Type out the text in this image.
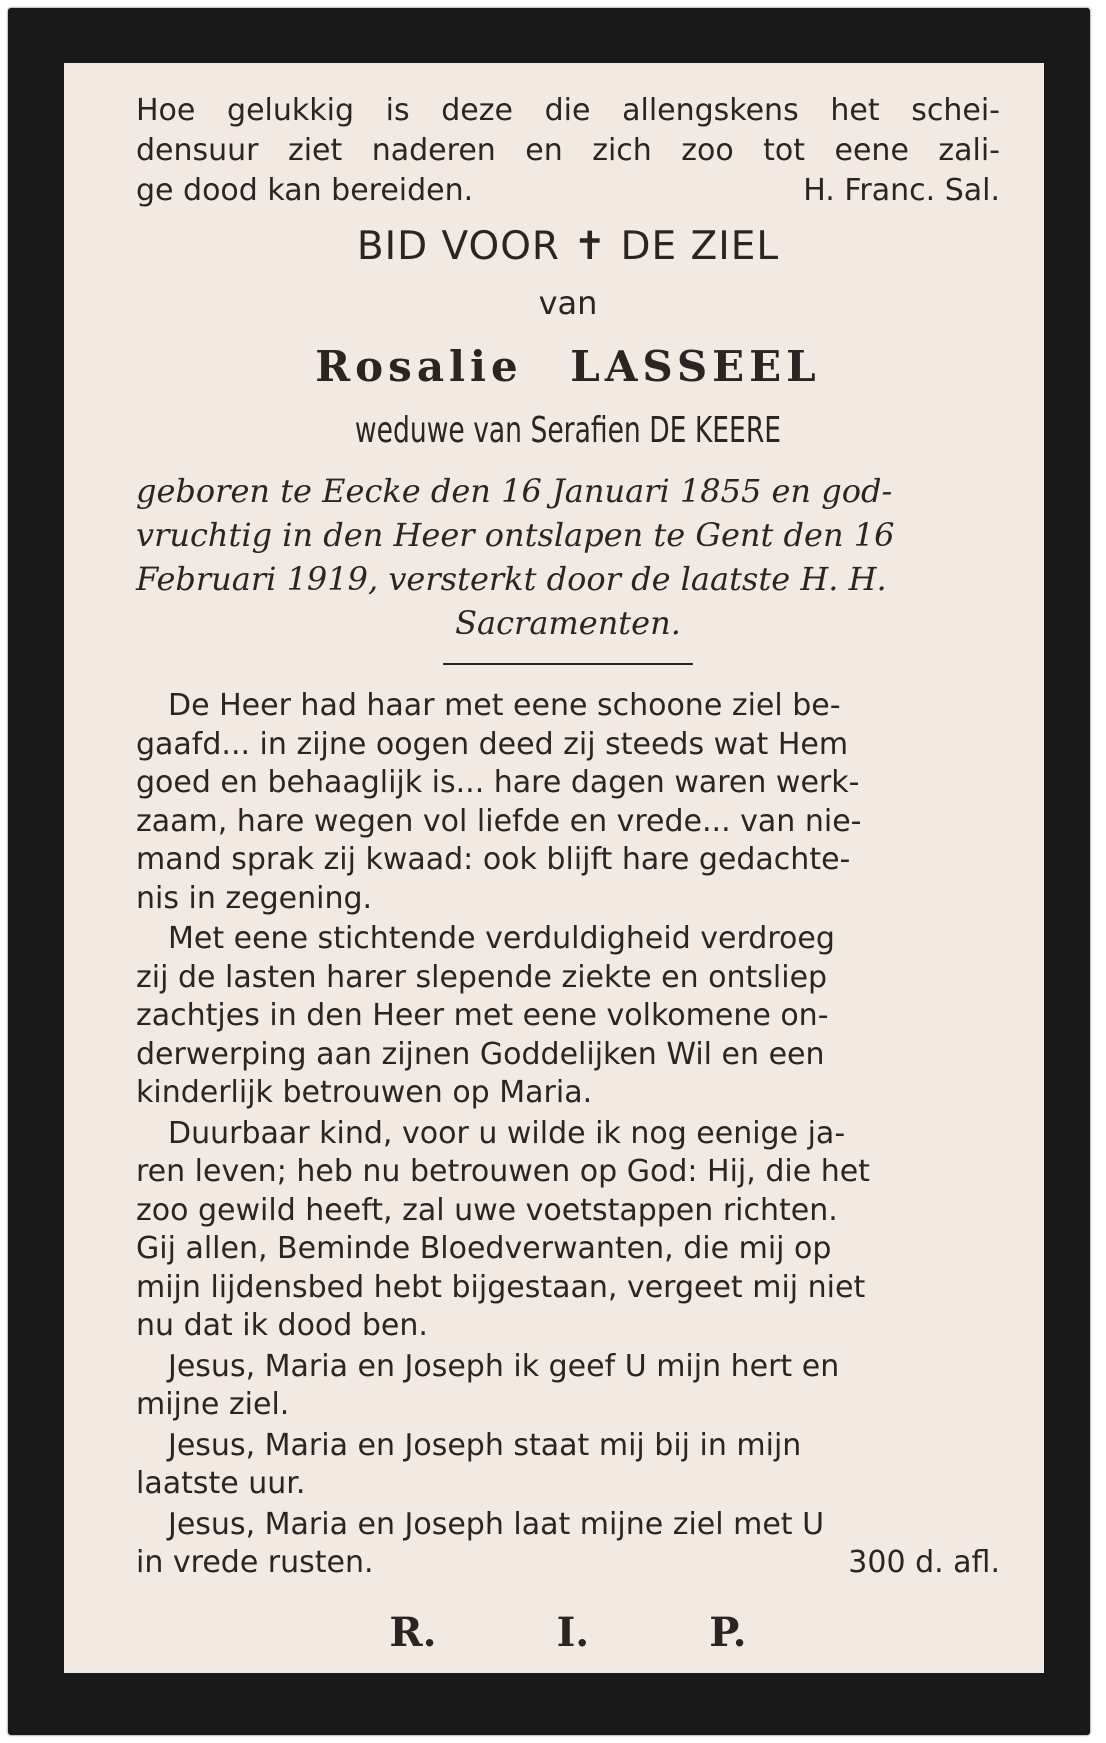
Hoe gelukkig is deze die allengskens het schei-
densuur ziet naderen en zich zoo tot eene zali-
ge dood kan bereiden.	H. Franc. Sal.
BID VOOR ✝ DE ZIEL
van
Rosalie LASSEEL
weduwe van Serafien DE KEERE
geboren te Eecke den 16 Januari 1855 en god-
vruchtig in den Heer ontslapen te Gent den 16
Februari 1919, versterkt door de laatste H. H.
Sacramenten.
De Heer had haar met eene schoone ziel be-
gaafd... in zijne oogen deed zij steeds wat Hem
goed en behaaglijk is... hare dagen waren werk-
zaam, hare wegen vol liefde en vrede... van nie-
mand sprak zij kwaad: ook blijft hare gedachte-
nis in zegening.
Met eene stichtende verduldigheid verdroeg
zij de lasten harer slepende ziekte en ontsliep
zachtjes in den Heer met eene volkomene on-
derwerping aan zijnen Goddelijken Wil en een
kinderlijk betrouwen op Maria.
Duurbaar kind, voor u wilde ik nog eenige ja-
ren leven; heb nu betrouwen op God: Hij, die het
zoo gewild heeft, zal uwe voetstappen richten.
Gij allen, Beminde Bloedverwanten, die mij op
mijn lijdensbed hebt bijgestaan, vergeet mij niet
nu dat ik dood ben.
Jesus, Maria en Joseph ik geef U mijn hert en
mijne ziel.
Jesus, Maria en Joseph staat mij bij in mijn
laatste uur.
Jesus, Maria en Joseph laat mijne ziel met U
in vrede rusten.	300 d. afl.
R.	I.	P.
